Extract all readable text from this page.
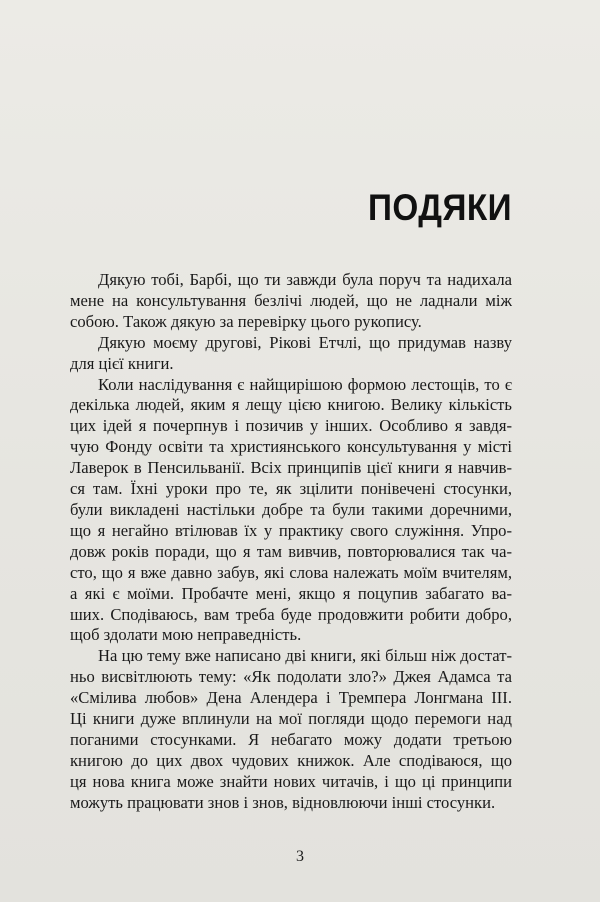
ПОДЯКИ

Дякую тобі, Барбі, що ти завжди була поруч та надихала
мене на консультування безлічі людей, що не ладнали між
собою. Також дякую за перевірку цього рукопису.

Дякую моєму другові, Рікові Етчлі, що придумав назву
для цієї книги.

Коли наслідування є найщирішою формою лестощів, то є
декілька людей, яким я лещу цією книгою. Велику кількість
цих ідей я почерпнув і позичив у інших. Особливо я завдя-
чую Фонду освіти та християнського консультування у місті
Лаверок в Пенсильванії. Всіх принципів цієї книги я навчив-
ся там. Їхні уроки про те, як зцілити понівечені стосунки,
були викладені настільки добре та були такими доречними,
що я негайно втілював їх у практику свого служіння. Упро-
довж років поради, що я там вивчив, повторювалися так ча-
сто, що я вже давно забув, які слова належать моїм вчителям,
а які є моїми. Пробачте мені, якщо я поцупив забагато ва-
ших. Сподіваюсь, вам треба буде продовжити робити добро,
щоб здолати мою неправедність.

На цю тему вже написано дві книги, які більш ніж достат-
ньо висвітлюють тему: «Як подолати зло?» Джея Адамса та
«Смілива любов» Дена Алендера і Тремпера Лонгмана III.
Ці книги дуже вплинули на мої погляди щодо перемоги над
поганими стосунками. Я небагато можу додати третьою
книгою до цих двох чудових книжок. Але сподіваюся, що
ця нова книга може знайти нових читачів, і що ці принципи
можуть працювати знов і знов, відновлюючи інші стосунки.

3
